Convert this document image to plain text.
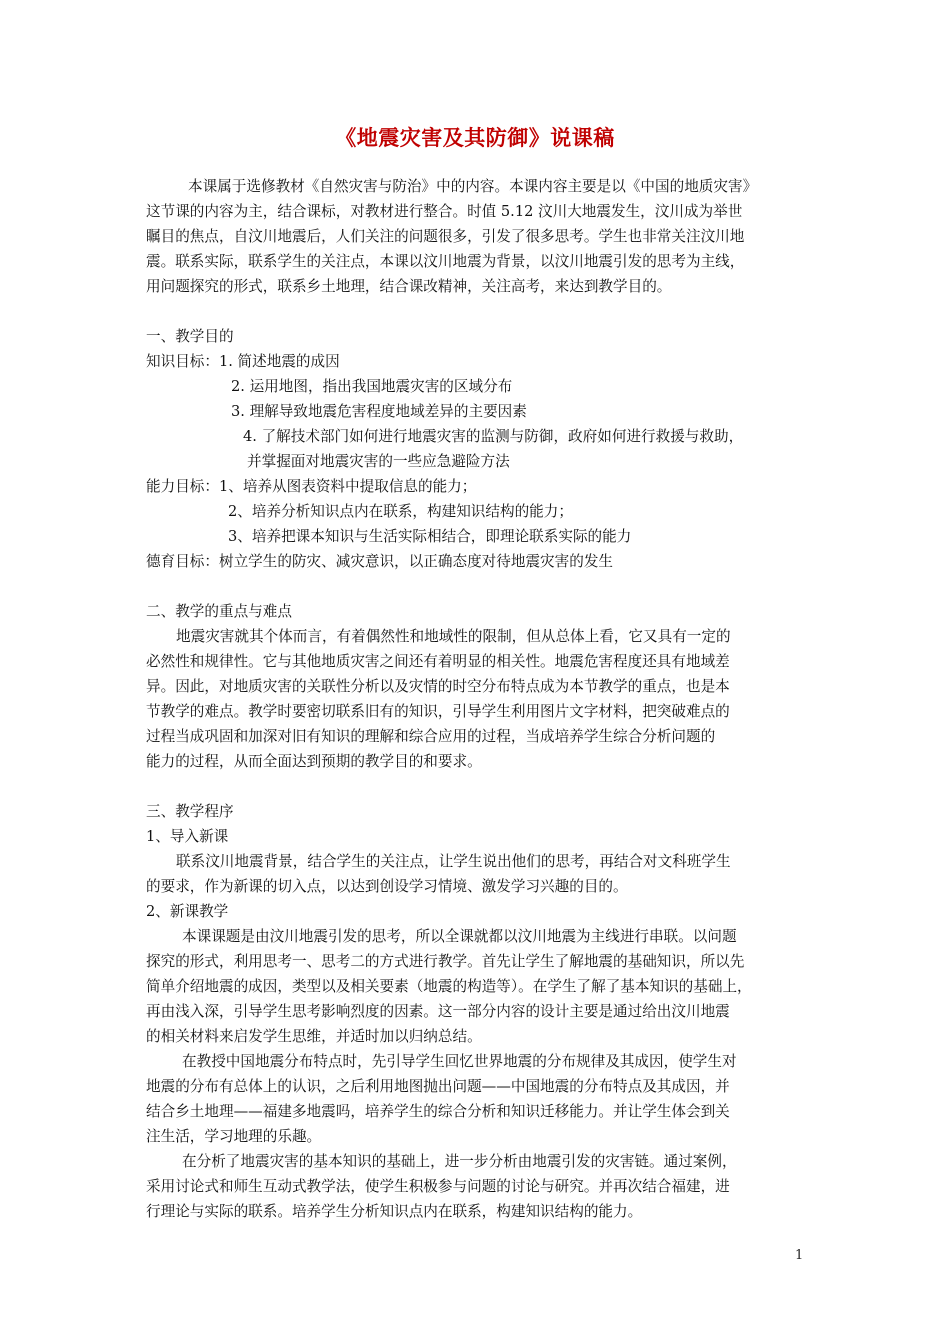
《地震灾害及其防御》说课稿
本课属于选修教材《自然灾害与防治》中的内容。本课内容主要是以《中国的地质灾害》
这节课的内容为主，结合课标，对教材进行整合。时值 5.12 汶川大地震发生，汶川成为举世
瞩目的焦点，自汶川地震后，人们关注的问题很多，引发了很多思考。学生也非常关注汶川地
震。联系实际，联系学生的关注点，本课以汶川地震为背景，以汶川地震引发的思考为主线，
用问题探究的形式，联系乡土地理，结合课改精神，关注高考，来达到教学目的。
一、教学目的
知识目标：1. 简述地震的成因
2. 运用地图，指出我国地震灾害的区域分布
3. 理解导致地震危害程度地域差异的主要因素
4. 了解技术部门如何进行地震灾害的监测与防御，政府如何进行救援与救助，
并掌握面对地震灾害的一些应急避险方法
能力目标：1、培养从图表资料中提取信息的能力；
2、培养分析知识点内在联系，构建知识结构的能力；
3、培养把课本知识与生活实际相结合，即理论联系实际的能力
德育目标：树立学生的防灾、减灾意识，以正确态度对待地震灾害的发生
二、教学的重点与难点
地震灾害就其个体而言，有着偶然性和地域性的限制，但从总体上看，它又具有一定的
必然性和规律性。它与其他地质灾害之间还有着明显的相关性。地震危害程度还具有地域差
异。因此，对地质灾害的关联性分析以及灾情的时空分布特点成为本节教学的重点，也是本
节教学的难点。教学时要密切联系旧有的知识，引导学生利用图片文字材料，把突破难点的
过程当成巩固和加深对旧有知识的理解和综合应用的过程，当成培养学生综合分析问题的
能力的过程，从而全面达到预期的教学目的和要求。
三、教学程序
1、导入新课
联系汶川地震背景，结合学生的关注点，让学生说出他们的思考，再结合对文科班学生
的要求，作为新课的切入点，以达到创设学习情境、激发学习兴趣的目的。
2、新课教学
本课课题是由汶川地震引发的思考，所以全课就都以汶川地震为主线进行串联。以问题
探究的形式，利用思考一、思考二的方式进行教学。首先让学生了解地震的基础知识，所以先
简单介绍地震的成因，类型以及相关要素（地震的构造等）。在学生了解了基本知识的基础上，
再由浅入深，引导学生思考影响烈度的因素。这一部分内容的设计主要是通过给出汶川地震
的相关材料来启发学生思维，并适时加以归纳总结。
在教授中国地震分布特点时，先引导学生回忆世界地震的分布规律及其成因，使学生对
地震的分布有总体上的认识，之后利用地图抛出问题——中国地震的分布特点及其成因，并
结合乡土地理——福建多地震吗，培养学生的综合分析和知识迁移能力。并让学生体会到关
注生活，学习地理的乐趣。
在分析了地震灾害的基本知识的基础上，进一步分析由地震引发的灾害链。通过案例，
采用讨论式和师生互动式教学法，使学生积极参与问题的讨论与研究。并再次结合福建，进
行理论与实际的联系。培养学生分析知识点内在联系，构建知识结构的能力。
1
